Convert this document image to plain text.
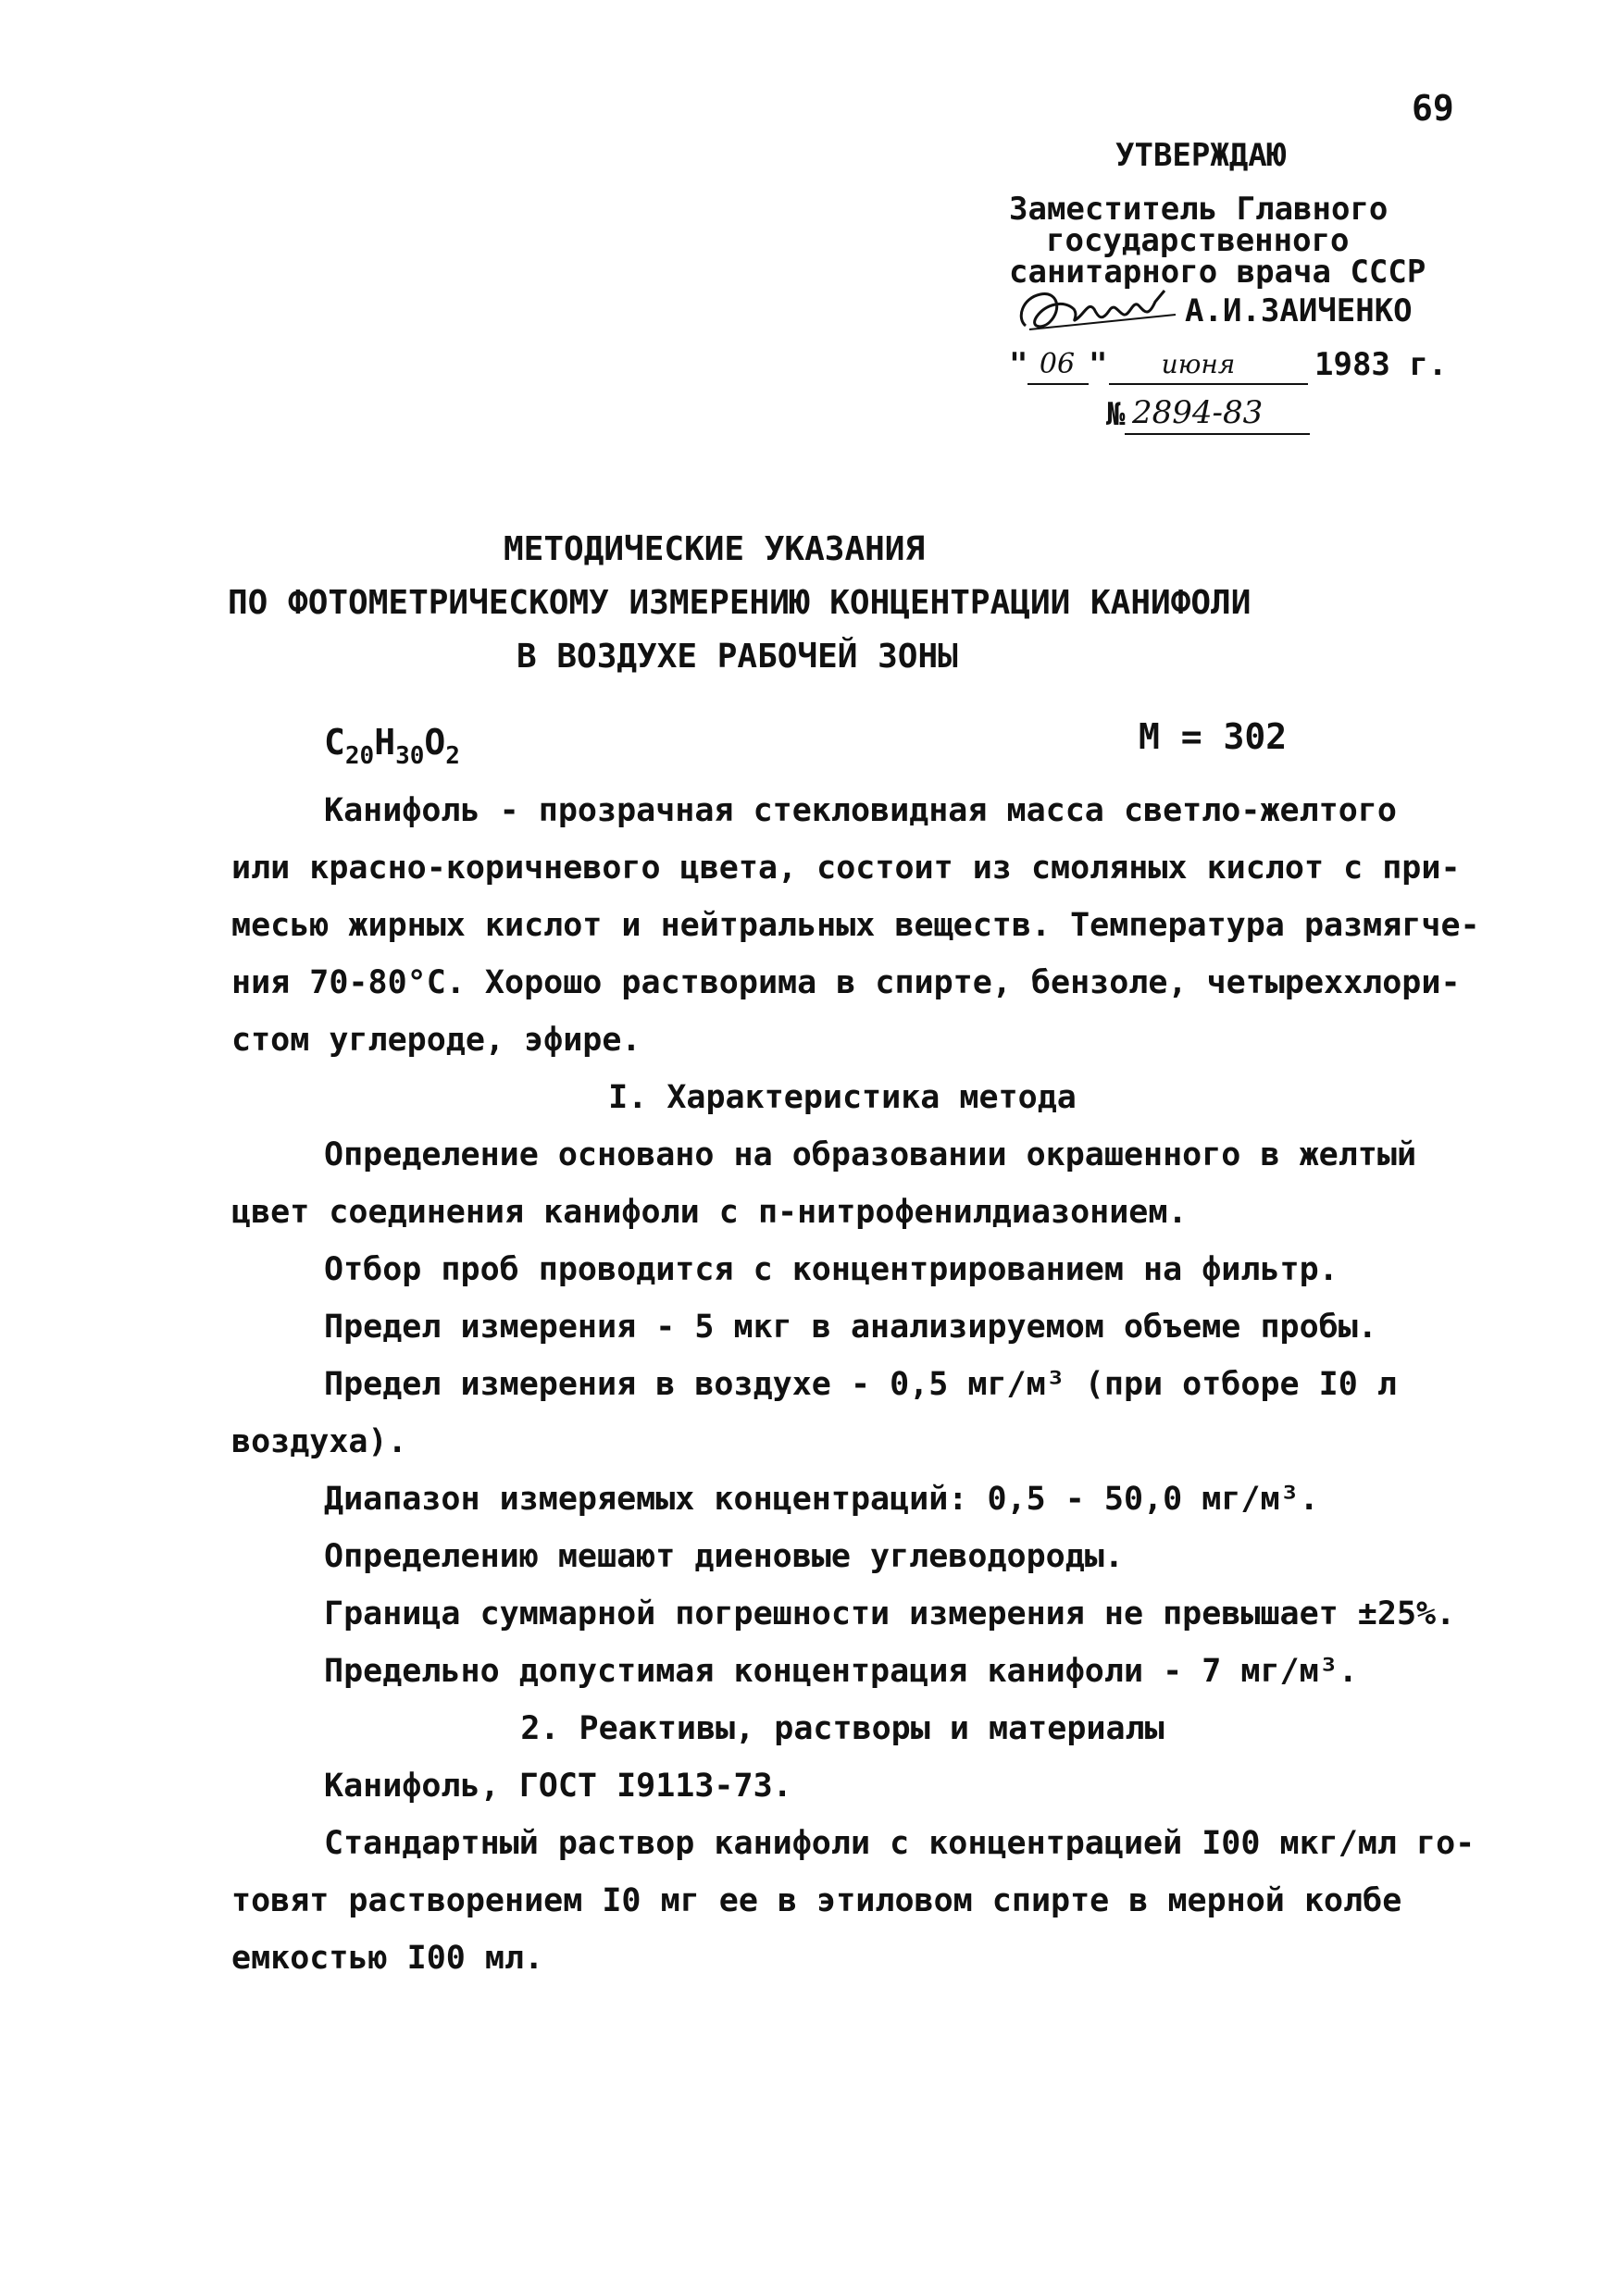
69
УТВЕРЖДАЮ
Заместитель Главного
государственного
санитарного врача СССР
А.И.ЗАИЧЕНКО
" 06 "	июня	1983 г.
№ 2894-83
МЕТОДИЧЕСКИЕ УКАЗАНИЯ
ПО ФОТОМЕТРИЧЕСКОМУ ИЗМЕРЕНИЮ КОНЦЕНТРАЦИИ КАНИФОЛИ
В ВОЗДУХЕ РАБОЧЕЙ ЗОНЫ
$C_{20}H_{30}O_2$	М = 302
Канифоль - прозрачная стекловидная масса светло-желтого
или красно-коричневого цвета, состоит из смоляных кислот с при-
месью жирных кислот и нейтральных веществ. Температура размягче-
ния 70-80°С. Хорошо растворима в спирте, бензоле, четыреххлори-
стом углероде, эфире.
I. Характеристика метода
Определение основано на образовании окрашенного в желтый
цвет соединения канифоли с п-нитрофенилдиазонием.
Отбор проб проводится с концентрированием на фильтр.
Предел измерения - 5 мкг в анализируемом объеме пробы.
Предел измерения в воздухе - 0,5 мг/м³ (при отборе I0 л
воздуха).
Диапазон измеряемых концентраций: 0,5 - 50,0 мг/м³.
Определению мешают диеновые углеводороды.
Граница суммарной погрешности измерения не превышает ±25%.
Предельно допустимая концентрация канифоли - 7 мг/м³.
2. Реактивы, растворы и материалы
Канифоль, ГОСТ I9113-73.
Стандартный раствор канифоли с концентрацией I00 мкг/мл го-
товят растворением I0 мг ее в этиловом спирте в мерной колбе
емкостью I00 мл.
